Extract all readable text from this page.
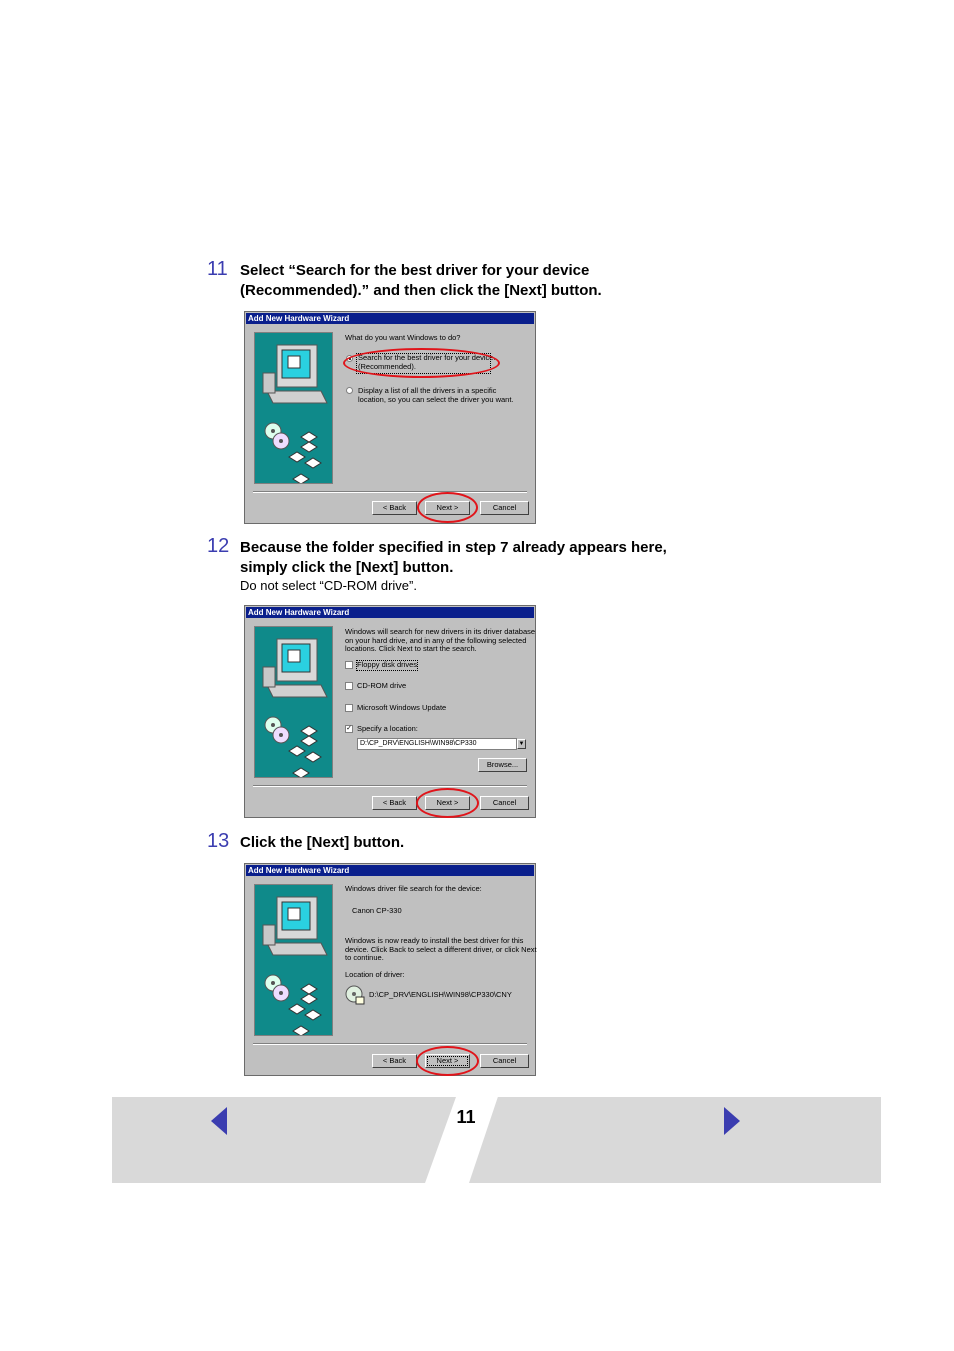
11 Select “Search for the best driver for your device
(Recommended).” and then click the [Next] button.
Add New Hardware Wizard
What do you want Windows to do?
Search for the best driver for your device.
(Recommended).
Display a list of all the drivers in a specific
location, so you can select the driver you want.
< Back	Next >	Cancel
12 Because the folder specified in step 7 already appears here,
simply click the [Next] button.
Do not select “CD-ROM drive”.
Add New Hardware Wizard
Windows will search for new drivers in its driver database
on your hard drive, and in any of the following selected
locations. Click Next to start the search.
Floppy disk drives
CD-ROM drive
Microsoft Windows Update
✓ Specify a location:
D:\CP_DRV\ENGLISH\WIN98\CP330	▼
Browse...
< Back	Next >	Cancel
13 Click the [Next] button.
Add New Hardware Wizard
Windows driver file search for the device:
Canon CP-330
Windows is now ready to install the best driver for this
device. Click Back to select a different driver, or click Next
to continue.
Location of driver:
D:\CP_DRV\ENGLISH\WIN98\CP330\CNY
< Back	Next >	Cancel
11
